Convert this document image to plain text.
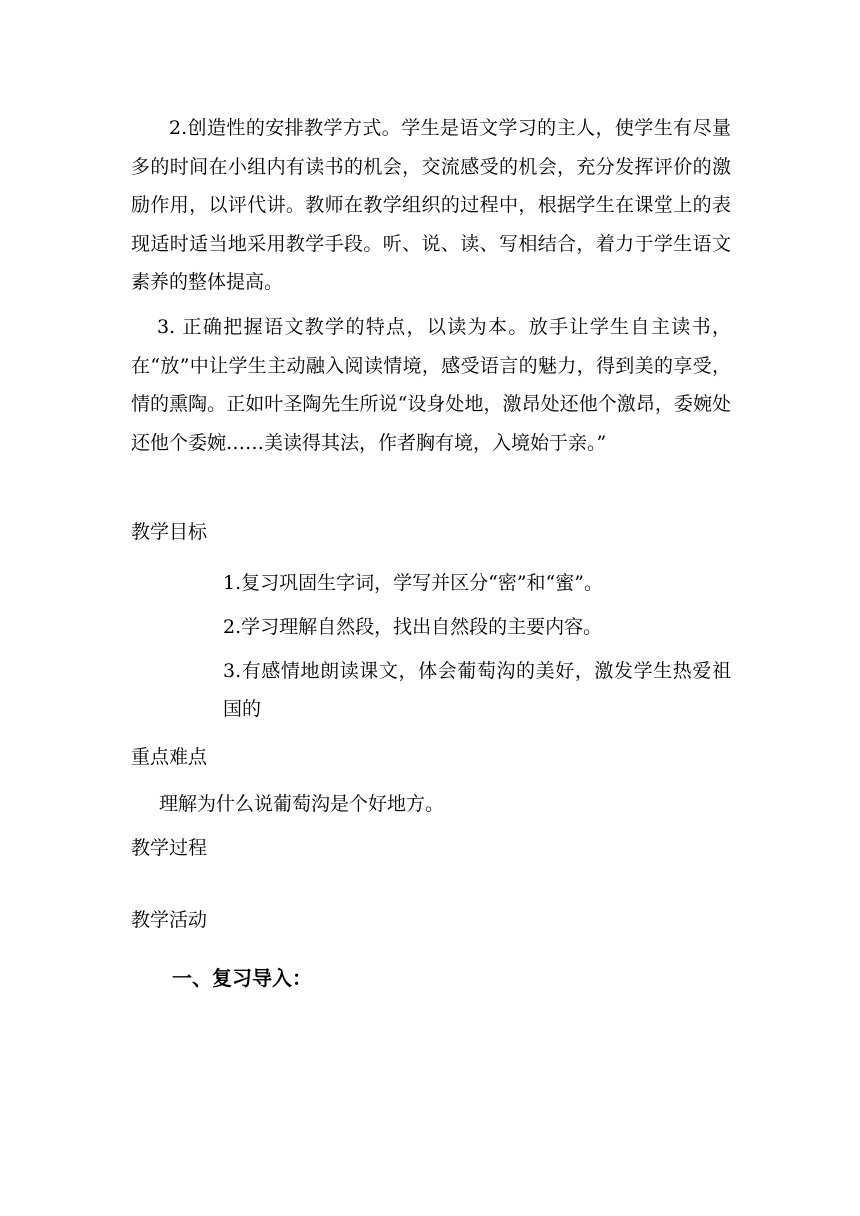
2.创造性的安排教学方式。学生是语文学习的主人，使学生有尽量多的时间在小组内有读书的机会，交流感受的机会，充分发挥评价的激励作用，以评代讲。教师在教学组织的过程中，根据学生在课堂上的表现适时适当地采用教学手段。听、说、读、写相结合，着力于学生语文素养的整体提高。

3. 正确把握语文教学的特点，以读为本。放手让学生自主读书，在“放”中让学生主动融入阅读情境，感受语言的魅力，得到美的享受，情的熏陶。正如叶圣陶先生所说“设身处地，激昂处还他个激昂，委婉处还他个委婉……美读得其法，作者胸有境，入境始于亲。”

教学目标
1.复习巩固生字词，学写并区分“密”和“蜜”。
2.学习理解自然段，找出自然段的主要内容。
3.有感情地朗读课文，体会葡萄沟的美好，激发学生热爱祖国的
重点难点
理解为什么说葡萄沟是个好地方。
教学过程
教学活动
一、复习导入：
